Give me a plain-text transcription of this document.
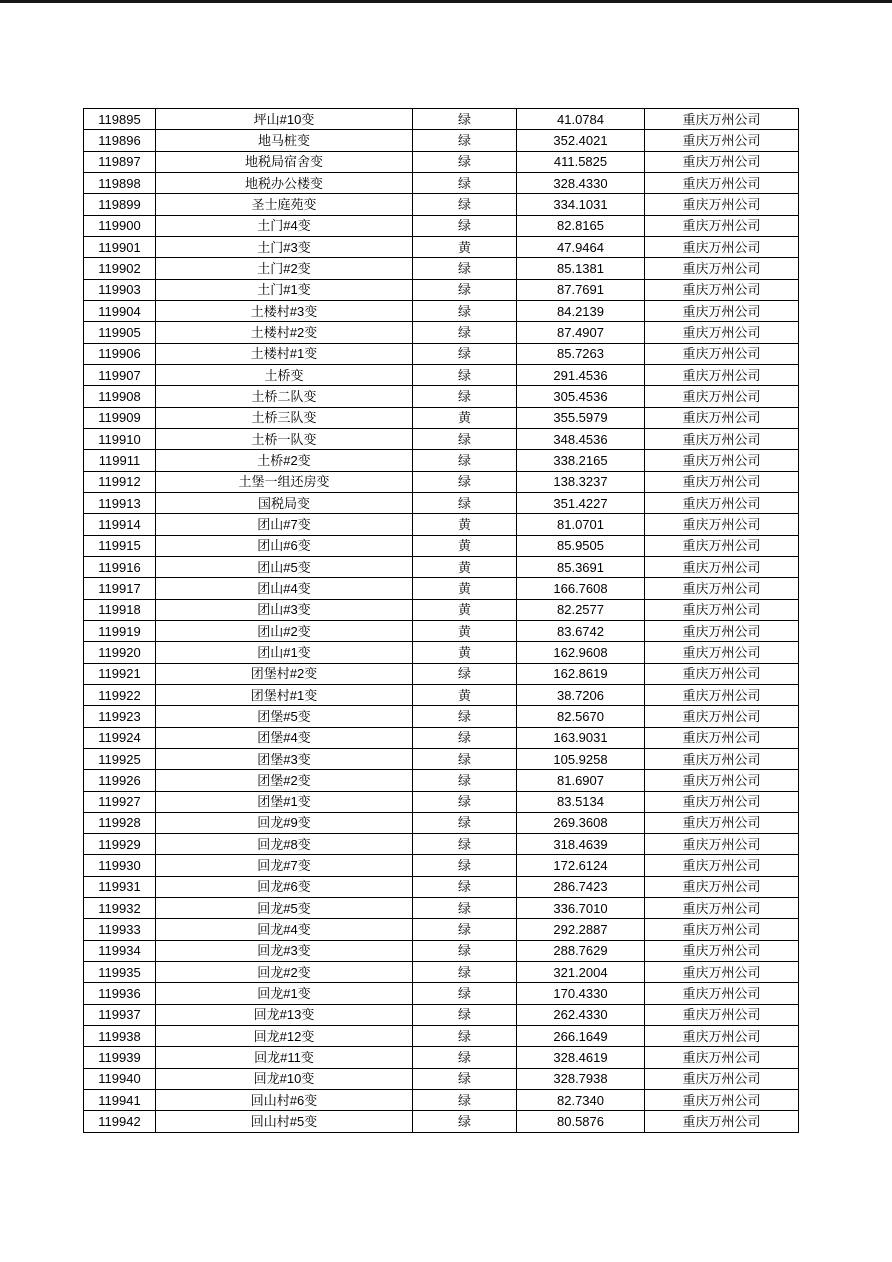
119895	坪山#10变	绿	41.0784	重庆万州公司
119896	地马桩变	绿	352.4021	重庆万州公司
119897	地税局宿舍变	绿	411.5825	重庆万州公司
119898	地税办公楼变	绿	328.4330	重庆万州公司
119899	圣士庭苑变	绿	334.1031	重庆万州公司
119900	土门#4变	绿	82.8165	重庆万州公司
119901	土门#3变	黄	47.9464	重庆万州公司
119902	土门#2变	绿	85.1381	重庆万州公司
119903	土门#1变	绿	87.7691	重庆万州公司
119904	土楼村#3变	绿	84.2139	重庆万州公司
119905	土楼村#2变	绿	87.4907	重庆万州公司
119906	土楼村#1变	绿	85.7263	重庆万州公司
119907	土桥变	绿	291.4536	重庆万州公司
119908	土桥二队变	绿	305.4536	重庆万州公司
119909	土桥三队变	黄	355.5979	重庆万州公司
119910	土桥一队变	绿	348.4536	重庆万州公司
119911	土桥#2变	绿	338.2165	重庆万州公司
119912	土堡一组还房变	绿	138.3237	重庆万州公司
119913	国税局变	绿	351.4227	重庆万州公司
119914	团山#7变	黄	81.0701	重庆万州公司
119915	团山#6变	黄	85.9505	重庆万州公司
119916	团山#5变	黄	85.3691	重庆万州公司
119917	团山#4变	黄	166.7608	重庆万州公司
119918	团山#3变	黄	82.2577	重庆万州公司
119919	团山#2变	黄	83.6742	重庆万州公司
119920	团山#1变	黄	162.9608	重庆万州公司
119921	团堡村#2变	绿	162.8619	重庆万州公司
119922	团堡村#1变	黄	38.7206	重庆万州公司
119923	团堡#5变	绿	82.5670	重庆万州公司
119924	团堡#4变	绿	163.9031	重庆万州公司
119925	团堡#3变	绿	105.9258	重庆万州公司
119926	团堡#2变	绿	81.6907	重庆万州公司
119927	团堡#1变	绿	83.5134	重庆万州公司
119928	回龙#9变	绿	269.3608	重庆万州公司
119929	回龙#8变	绿	318.4639	重庆万州公司
119930	回龙#7变	绿	172.6124	重庆万州公司
119931	回龙#6变	绿	286.7423	重庆万州公司
119932	回龙#5变	绿	336.7010	重庆万州公司
119933	回龙#4变	绿	292.2887	重庆万州公司
119934	回龙#3变	绿	288.7629	重庆万州公司
119935	回龙#2变	绿	321.2004	重庆万州公司
119936	回龙#1变	绿	170.4330	重庆万州公司
119937	回龙#13变	绿	262.4330	重庆万州公司
119938	回龙#12变	绿	266.1649	重庆万州公司
119939	回龙#11变	绿	328.4619	重庆万州公司
119940	回龙#10变	绿	328.7938	重庆万州公司
119941	回山村#6变	绿	82.7340	重庆万州公司
119942	回山村#5变	绿	80.5876	重庆万州公司
